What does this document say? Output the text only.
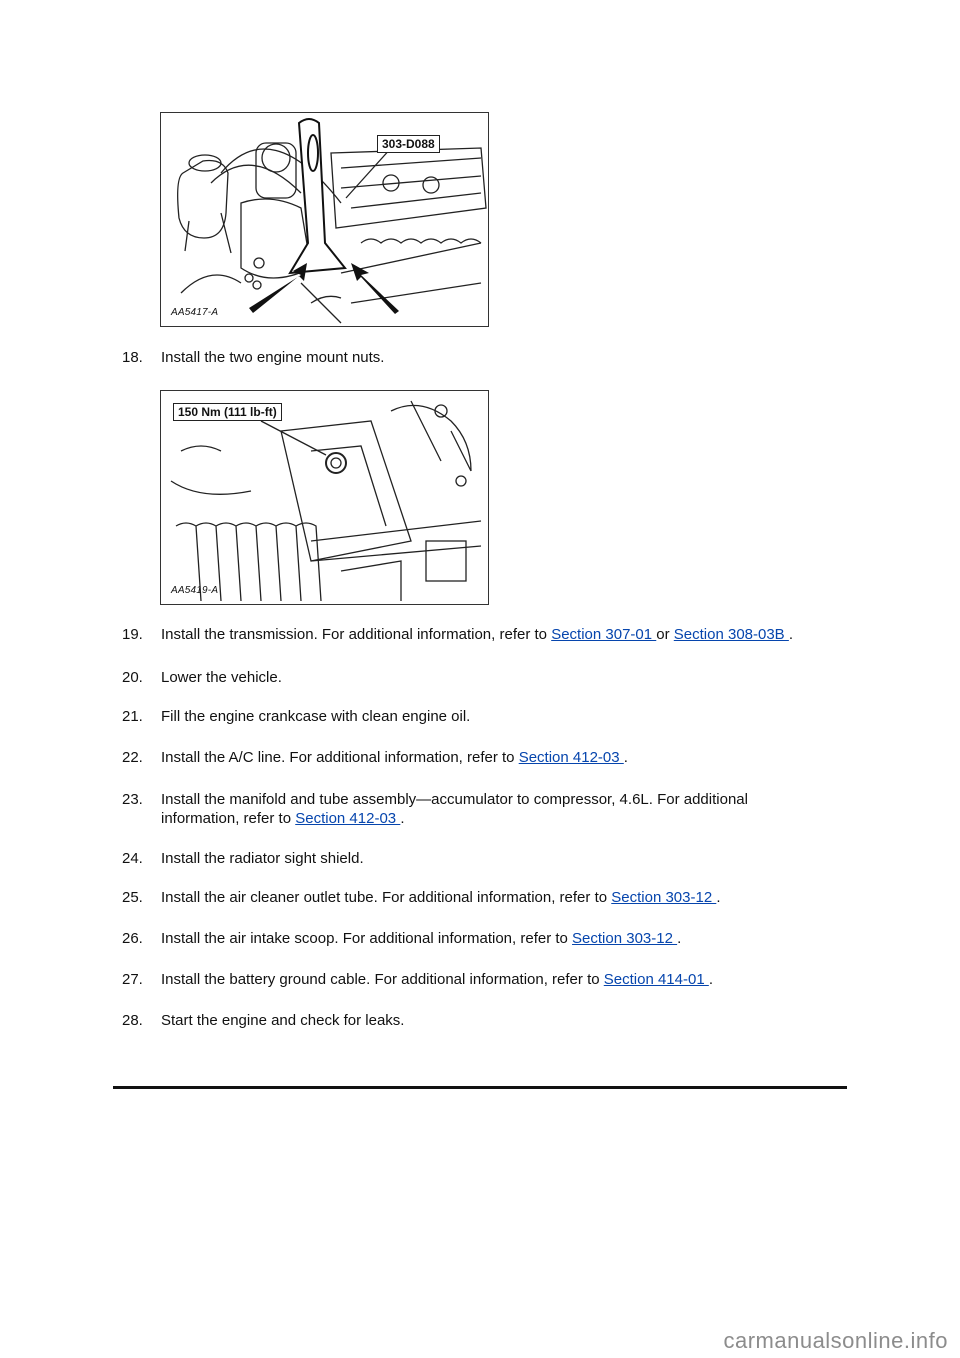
303-D088
AA5417-A
18. Install the two engine mount nuts.
150 Nm (111 lb-ft)
AA5419-A
19. Install the transmission. For additional information, refer to Section 307-01 or Section 308-03B .
20. Lower the vehicle.
21. Fill the engine crankcase with clean engine oil.
22. Install the A/C line. For additional information, refer to Section 412-03 .
23. Install the manifold and tube assembly—accumulator to compressor, 4.6L. For additional
information, refer to Section 412-03 .
24. Install the radiator sight shield.
25. Install the air cleaner outlet tube. For additional information, refer to Section 303-12 .
26. Install the air intake scoop. For additional information, refer to Section 303-12 .
27. Install the battery ground cable. For additional information, refer to Section 414-01 .
28. Start the engine and check for leaks.
carmanualsonline.info
